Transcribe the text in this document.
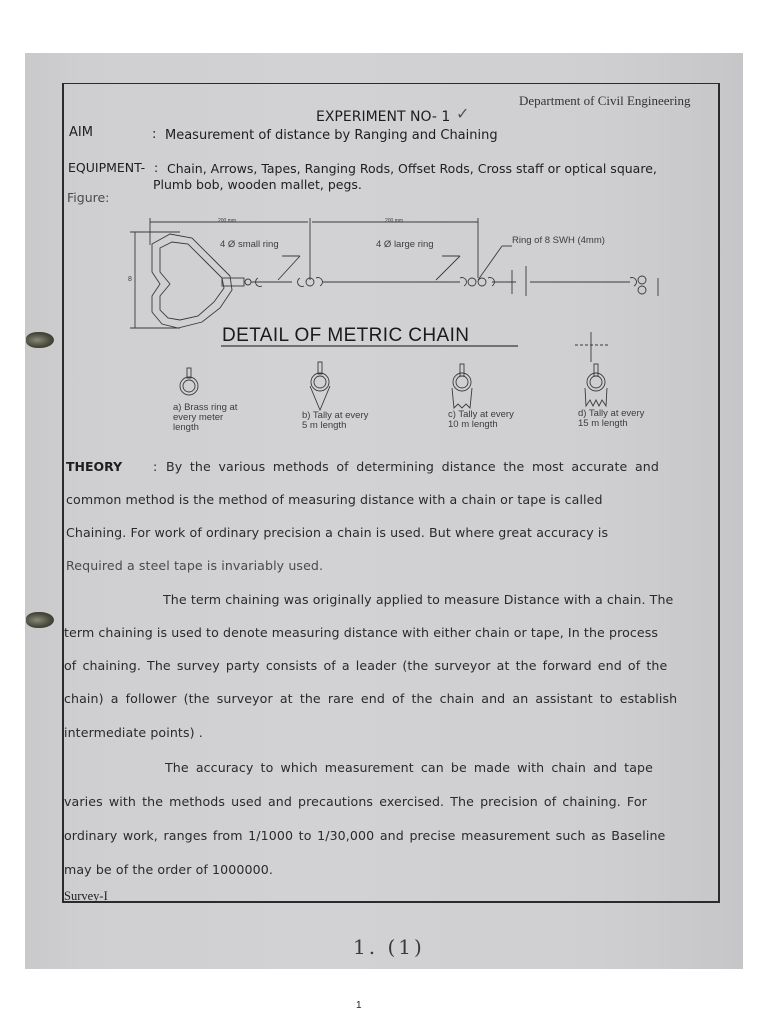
Department of Civil Engineering
EXPERIMENT NO- 1 ✓
AIM	: Measurement of distance by Ranging and Chaining
EQUIPMENT- : Chain, Arrows, Tapes, Ranging Rods, Offset Rods, Cross staff or optical square,
Plumb bob, wooden mallet, pegs.
Figure:
200 mm	200 mm
8
4 Ø small ring	4 Ø large ring	Ring of 8 SWH (4mm)
DETAIL OF METRIC CHAIN
a) Brass ring at
every meter
length
b) Tally at every
5 m length
c) Tally at every
10 m length
d) Tally at every
15 m length
THEORY : By the various methods of determining distance the most accurate and
common method is the method of measuring distance with a chain or tape is called
Chaining. For work of ordinary precision a chain is used. But where great accuracy is
Required a steel tape is invariably used.
The term chaining was originally applied to measure Distance with a chain. The
term chaining is used to denote measuring distance with either chain or tape, In the process
of chaining. The survey party consists of a leader (the surveyor at the forward end of the
chain) a follower (the surveyor at the rare end of the chain and an assistant to establish
intermediate points) .
The accuracy to which measurement can be made with chain and tape
varies with the methods used and precautions exercised. The precision of chaining. For
ordinary work, ranges from 1/1000 to 1/30,000 and precise measurement such as Baseline
may be of the order of 1000000.
Survey-I
1. (1)
1
